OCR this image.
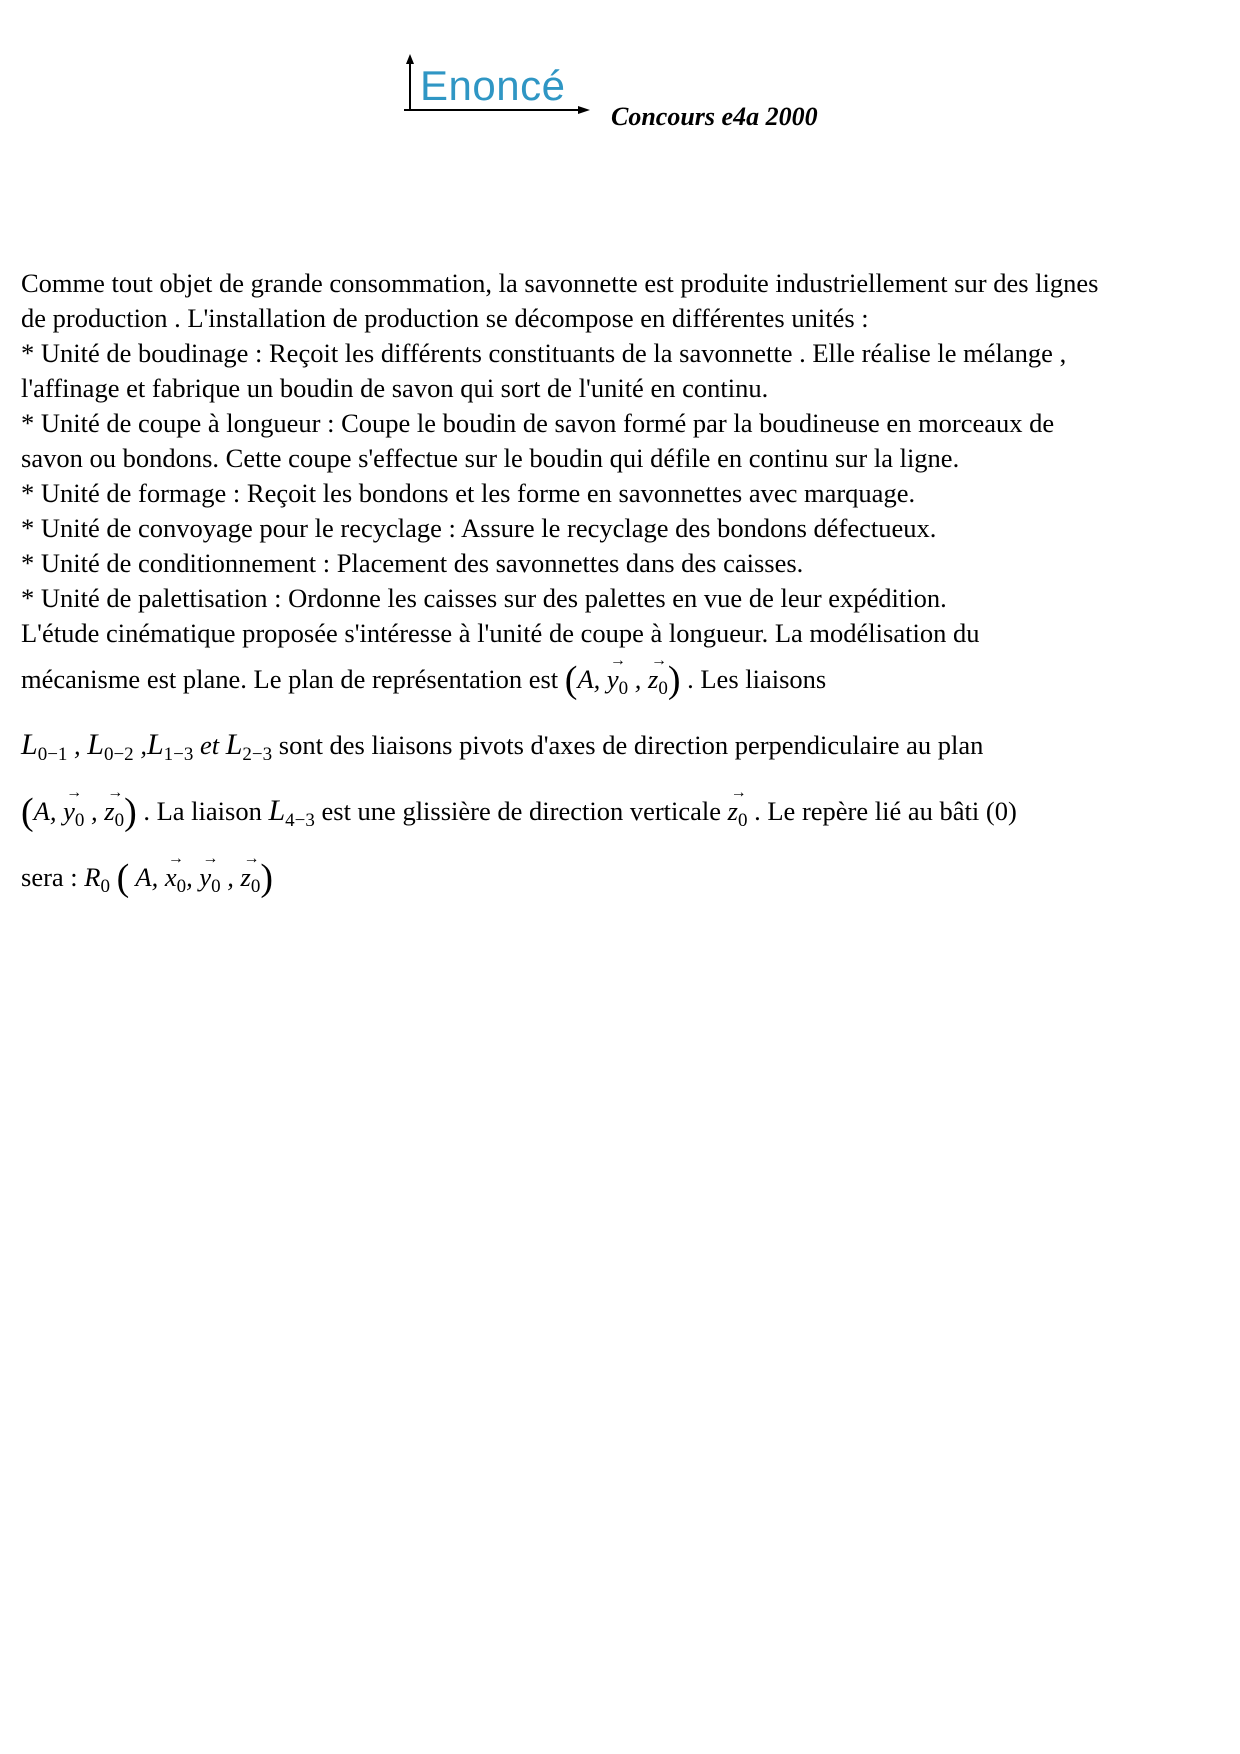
Enoncé
Concours e4a 2000
Comme tout objet de grande consommation, la savonnette est produite industriellement sur des lignes
de production . L'installation de production se décompose en différentes unités :
* Unité de boudinage : Reçoit les différents constituants de la savonnette . Elle réalise le mélange ,
l'affinage et fabrique un boudin de savon qui sort de l'unité en continu.
* Unité de coupe à longueur : Coupe le boudin de savon formé par la boudineuse en morceaux de
savon ou bondons. Cette coupe s'effectue sur le boudin qui défile en continu sur la ligne.
* Unité de formage : Reçoit les bondons et les forme en savonnettes avec marquage.
* Unité de convoyage pour le recyclage : Assure le recyclage des bondons défectueux.
* Unité de conditionnement : Placement des savonnettes dans des caisses.
* Unité de palettisation : Ordonne les caisses sur des palettes en vue de leur expédition.
L'étude cinématique proposée s'intéresse à l'unité de coupe à longueur. La modélisation du
mécanisme est plane. Le plan de représentation est (A, → $y_0$ , → $z_0$) . Les liaisons
$L_{0-1}$ , $L_{0-2}$ $,L_{1-3}$ et $L_{2-3}$ sont des liaisons pivots d'axes de direction perpendiculaire au plan
(A, → $y_0$ , → $z_0$) . La liaison $L_{4-3}$ est une glissière de direction verticale → $z_0$ . Le repère lié au bâti (0)
sera : $R_0$ ( A, → $x_0$, → $y_0$ , → $z_0$)
